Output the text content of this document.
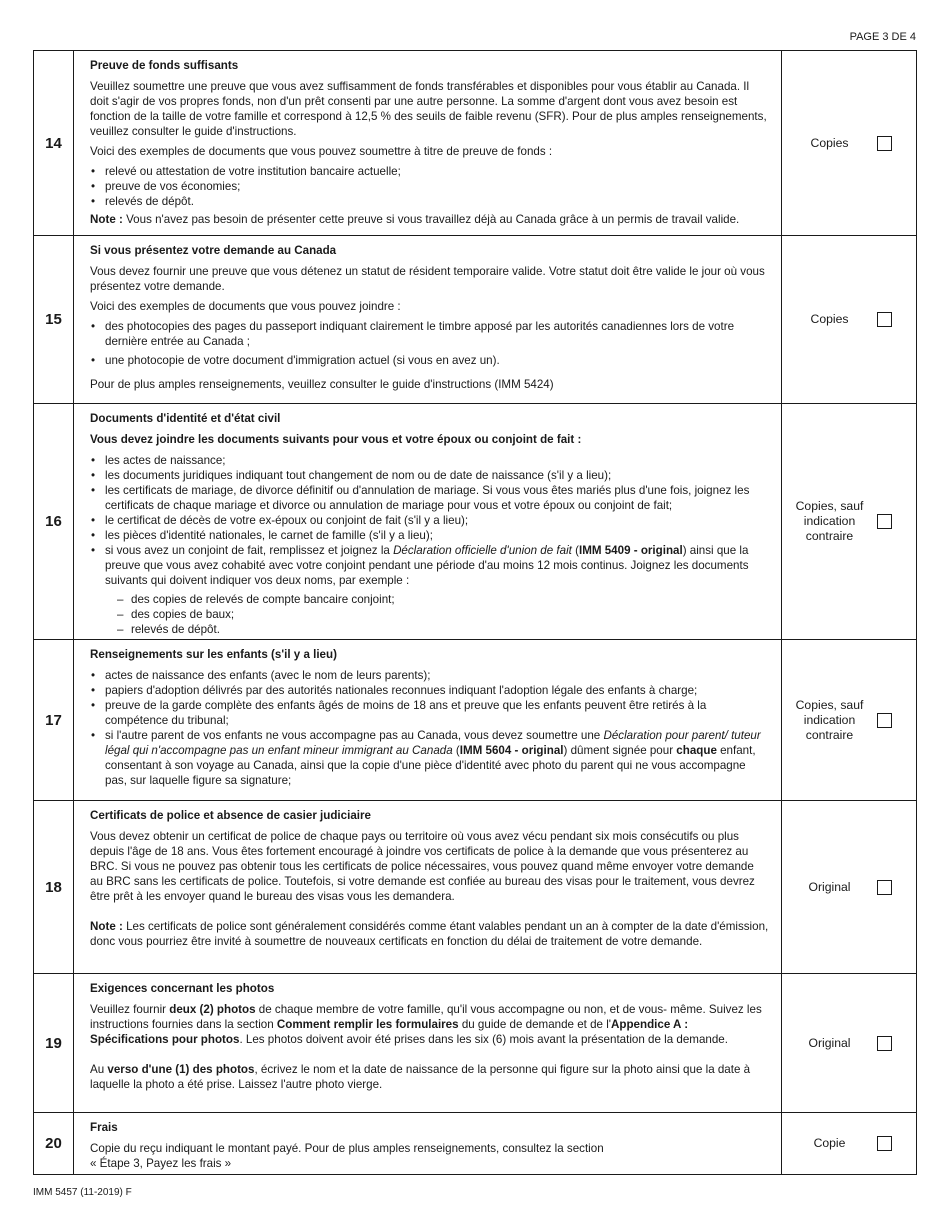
PAGE 3 DE 4
14
Preuve de fonds suffisants

Veuillez soumettre une preuve que vous avez suffisamment de fonds transférables et disponibles pour vous établir au Canada. Il doit s'agir de vos propres fonds, non d'un prêt consenti par une autre personne. La somme d'argent dont vous avez besoin est fonction de la taille de votre famille et correspond à 12,5 % des seuils de faible revenu (SFR). Pour de plus amples renseignements, veuillez consulter le guide d'instructions.

Voici des exemples de documents que vous pouvez soumettre à titre de preuve de fonds :

• relevé ou attestation de votre institution bancaire actuelle;
• preuve de vos économies;
• relevés de dépôt.

Note : Vous n'avez pas besoin de présenter cette preuve si vous travaillez déjà au Canada grâce à un permis de travail valide.

Copies
15
Si vous présentez votre demande au Canada

Vous devez fournir une preuve que vous détenez un statut de résident temporaire valide. Votre statut doit être valide le jour où vous présentez votre demande.

Voici des exemples de documents que vous pouvez joindre :

• des photocopies des pages du passeport indiquant clairement le timbre apposé par les autorités canadiennes lors de votre dernière entrée au Canada ;
• une photocopie de votre document d'immigration actuel (si vous en avez un).

Pour de plus amples renseignements, veuillez consulter le guide d'instructions (IMM 5424)

Copies
16
Documents d'identité et d'état civil
Vous devez joindre les documents suivants pour vous et votre époux ou conjoint de fait :
• les actes de naissance;
• les documents juridiques indiquant tout changement de nom ou de date de naissance (s'il y a lieu);
• les certificats de mariage, de divorce définitif ou d'annulation de mariage. Si vous vous êtes mariés plus d'une fois, joignez les certificats de chaque mariage et divorce ou annulation de mariage pour vous et votre époux ou conjoint de fait;
• le certificat de décès de votre ex-époux ou conjoint de fait (s'il y a lieu);
• les pièces d'identité nationales, le carnet de famille (s'il y a lieu);
• si vous avez un conjoint de fait, remplissez et joignez la Déclaration officielle d'union de fait (IMM 5409 - original) ainsi que la preuve que vous avez cohabité avec votre conjoint pendant une période d'au moins 12 mois continus. Joignez les documents suivants qui doivent indiquer vos deux noms, par exemple :
– des copies de relevés de compte bancaire conjoint;
– des copies de baux;
– relevés de dépôt.
Copies, sauf indication contraire
17
Renseignements sur les enfants (s'il y a lieu)
• actes de naissance des enfants (avec le nom de leurs parents);
• papiers d'adoption délivrés par des autorités nationales reconnues indiquant l'adoption légale des enfants à charge;
• preuve de la garde complète des enfants âgés de moins de 18 ans et preuve que les enfants peuvent être retirés à la compétence du tribunal;
• si l'autre parent de vos enfants ne vous accompagne pas au Canada, vous devez soumettre une Déclaration pour parent/ tuteur légal qui n'accompagne pas un enfant mineur immigrant au Canada (IMM 5604 - original) dûment signée pour chaque enfant, consentant à son voyage au Canada, ainsi que la copie d'une pièce d'identité avec photo du parent qui ne vous accompagne pas, sur laquelle figure sa signature;
Copies, sauf indication contraire
18
Certificats de police et absence de casier judiciaire

Vous devez obtenir un certificat de police de chaque pays ou territoire où vous avez vécu pendant six mois consécutifs ou plus depuis l'âge de 18 ans. Vous êtes fortement encouragé à joindre vos certificats de police à la demande que vous présenterez au BRC. Si vous ne pouvez pas obtenir tous les certificats de police nécessaires, vous pouvez quand même envoyer votre demande au BRC sans les certificats de police. Toutefois, si votre demande est confiée au bureau des visas pour le traitement, vous devrez être prêt à les envoyer quand le bureau des visas vous les demandera.

Note : Les certificats de police sont généralement considérés comme étant valables pendant un an à compter de la date d'émission, donc vous pourriez être invité à soumettre de nouveaux certificats en fonction du délai de traitement de votre demande.

Original
19
Exigences concernant les photos

Veuillez fournir deux (2) photos de chaque membre de votre famille, qu'il vous accompagne ou non, et de vous- même. Suivez les instructions fournies dans la section Comment remplir les formulaires du guide de demande et de l'Appendice A : Spécifications pour photos. Les photos doivent avoir été prises dans les six (6) mois avant la présentation de la demande.

Au verso d'une (1) des photos, écrivez le nom et la date de naissance de la personne qui figure sur la photo ainsi que la date à laquelle la photo a été prise. Laissez l'autre photo vierge.

Original
20
Frais
Copie du reçu indiquant le montant payé. Pour de plus amples renseignements, consultez la section
« Étape 3, Payez les frais »
Copie
IMM 5457 (11-2019) F
